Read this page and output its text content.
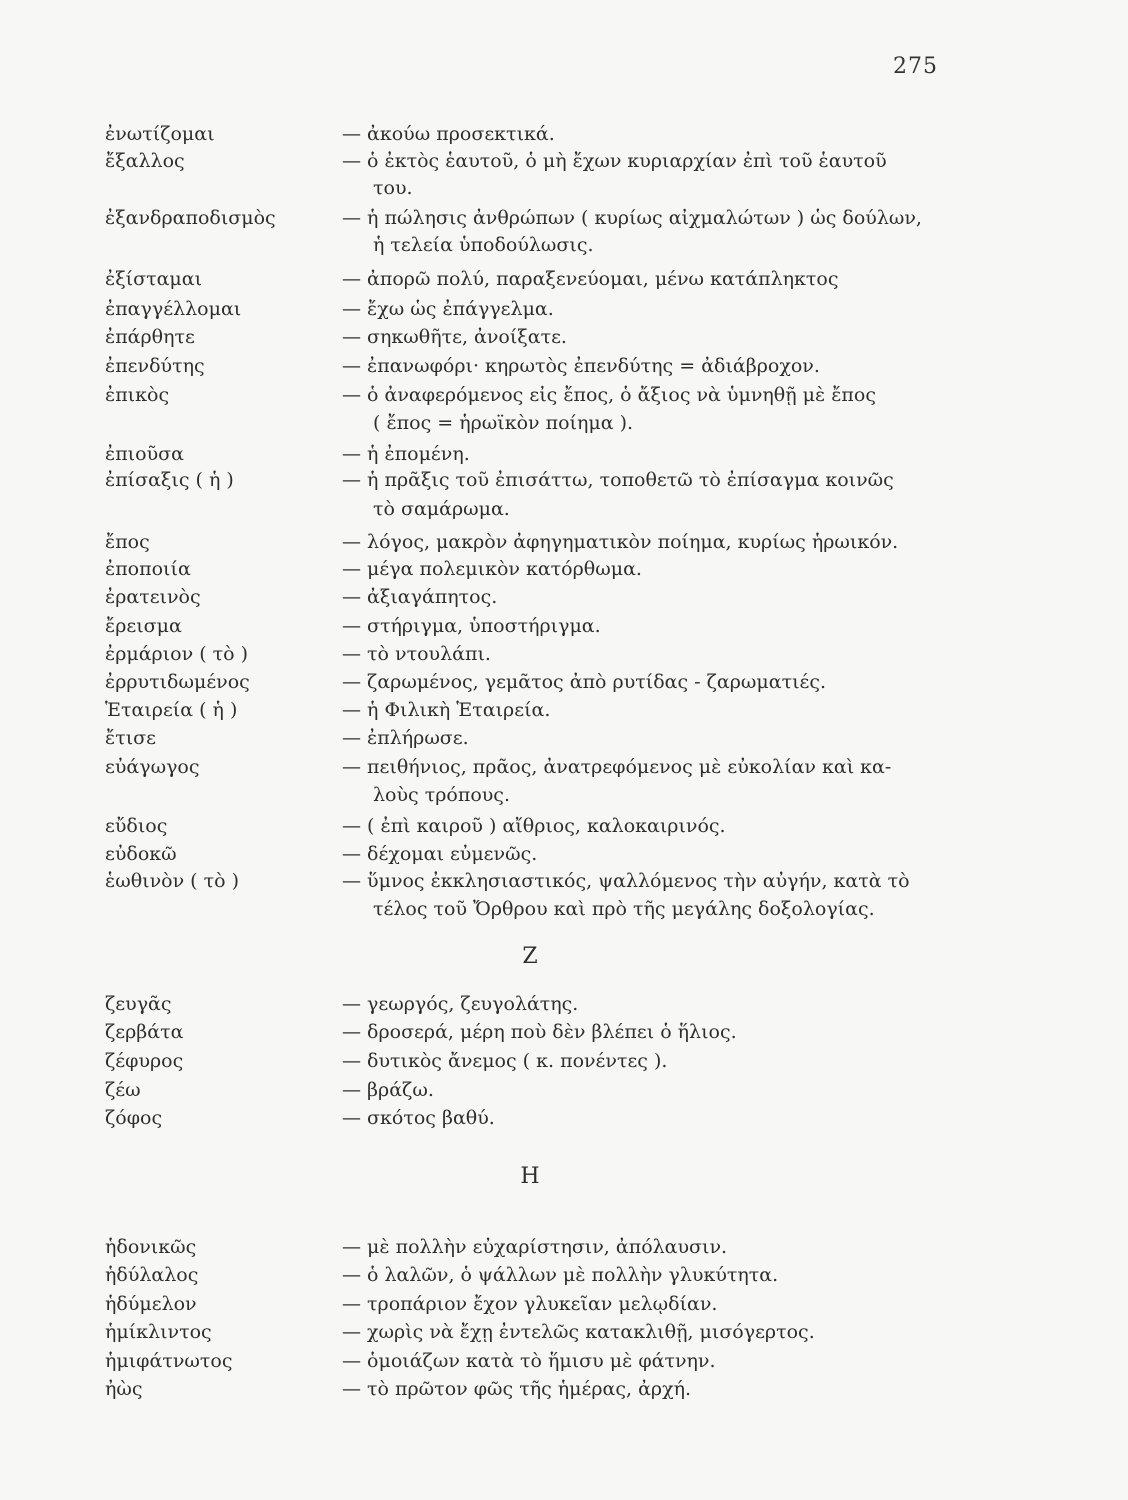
275
ἐνωτίζομαι	— ἀκούω προσεκτικά.
ἔξαλλος	— ὁ ἐκτὸς ἑαυτοῦ, ὁ μὴ ἔχων κυριαρχίαν ἐπὶ τοῦ ἑαυτοῦ
του.
ἐξανδραποδισμὸς	— ἡ πώλησις ἀνθρώπων ( κυρίως αἰχμαλώτων ) ὡς δούλων,
ἡ τελεία ὑποδούλωσις.
ἐξίσταμαι	— ἀπορῶ πολύ, παραξενεύομαι, μένω κατάπληκτος
ἐπαγγέλλομαι	— ἔχω ὡς ἐπάγγελμα.
ἐπάρθητε	— σηκωθῆτε, ἀνοίξατε.
ἐπενδύτης	— ἐπανωφόρι· κηρωτὸς ἐπενδύτης = ἀδιάβροχον.
ἐπικὸς	— ὁ ἀναφερόμενος εἰς ἔπος, ὁ ἄξιος νὰ ὑμνηθῇ μὲ ἔπος
( ἔπος = ἡρωϊκὸν ποίημα ).
ἐπιοῦσα	— ἡ ἐπομένη.
ἐπίσαξις ( ἡ )	— ἡ πρᾶξις τοῦ ἐπισάττω, τοποθετῶ τὸ ἐπίσαγμα κοινῶς
τὸ σαμάρωμα.
ἔπος	— λόγος, μακρὸν ἀφηγηματικὸν ποίημα, κυρίως ἡρωικόν.
ἐποποιία	— μέγα πολεμικὸν κατόρθωμα.
ἐρατεινὸς	— ἀξιαγάπητος.
ἔρεισμα	— στήριγμα, ὑποστήριγμα.
ἐρμάριον ( τὸ )	— τὸ ντουλάπι.
ἐρρυτιδωμένος	— ζαρωμένος, γεμᾶτος ἀπὸ ρυτίδας - ζαρωματιές.
Ἑταιρεία ( ἡ )	— ἡ Φιλικὴ Ἑταιρεία.
ἔτισε	— ἐπλήρωσε.
εὐάγωγος	— πειθήνιος, πρᾶος, ἀνατρεφόμενος μὲ εὐκολίαν καὶ κα-
λοὺς τρόπους.
εὔδιος	— ( ἐπὶ καιροῦ ) αἴθριος, καλοκαιρινός.
εὐδοκῶ	— δέχομαι εὐμενῶς.
ἑωθινὸν ( τὸ )	— ὕμνος ἐκκλησιαστικός, ψαλλόμενος τὴν αὐγήν, κατὰ τὸ
τέλος τοῦ Ὄρθρου καὶ πρὸ τῆς μεγάλης δοξολογίας.
Ζ
ζευγᾶς	— γεωργός, ζευγολάτης.
ζερβάτα	— δροσερά, μέρη ποὺ δὲν βλέπει ὁ ἥλιος.
ζέφυρος	— δυτικὸς ἄνεμος ( κ. πονέντες ).
ζέω	— βράζω.
ζόφος	— σκότος βαθύ.
Η
ἡδονικῶς	— μὲ πολλὴν εὐχαρίστησιν, ἀπόλαυσιν.
ἡδύλαλος	— ὁ λαλῶν, ὁ ψάλλων μὲ πολλὴν γλυκύτητα.
ἡδύμελον	— τροπάριον ἔχον γλυκεῖαν μελῳδίαν.
ἡμίκλιντος	— χωρὶς νὰ ἔχῃ ἐντελῶς κατακλιθῇ, μισόγερτος.
ἡμιφάτνωτος	— ὁμοιάζων κατὰ τὸ ἥμισυ μὲ φάτνην.
ἠὼς	— τὸ πρῶτον φῶς τῆς ἡμέρας, ἀρχή.
